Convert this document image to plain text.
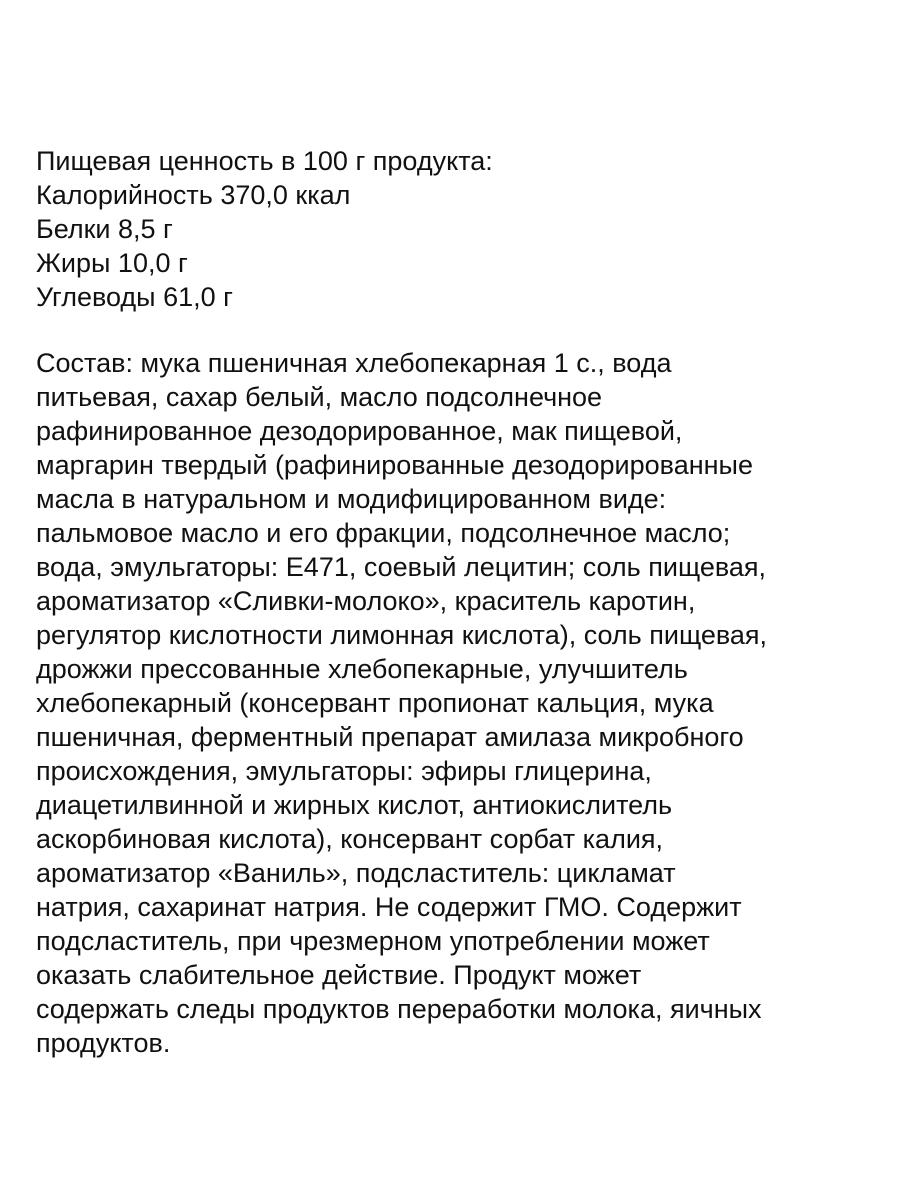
Пищевая ценность в 100 г продукта:
Калорийность 370,0 ккал
Белки 8,5 г
Жиры 10,0 г
Углеводы 61,0 г
Состав: мука пшеничная хлебопекарная 1 с., вода
питьевая, сахар белый, масло подсолнечное
рафинированное дезодорированное, мак пищевой,
маргарин твердый (рафинированные дезодорированные
масла в натуральном и модифицированном виде:
пальмовое масло и его фракции, подсолнечное масло;
вода, эмульгаторы: Е471, соевый лецитин; соль пищевая,
ароматизатор «Сливки-молоко», краситель каротин,
регулятор кислотности лимонная кислота), соль пищевая,
дрожжи прессованные хлебопекарные, улучшитель
хлебопекарный (консервант пропионат кальция, мука
пшеничная, ферментный препарат амилаза микробного
происхождения, эмульгаторы: эфиры глицерина,
диацетилвинной и жирных кислот, антиокислитель
аскорбиновая кислота), консервант сорбат калия,
ароматизатор «Ваниль», подсластитель: цикламат
натрия, сахаринат натрия. Не содержит ГМО. Содержит
подсластитель, при чрезмерном употреблении может
оказать слабительное действие. Продукт может
содержать следы продуктов переработки молока, яичных
продуктов.
